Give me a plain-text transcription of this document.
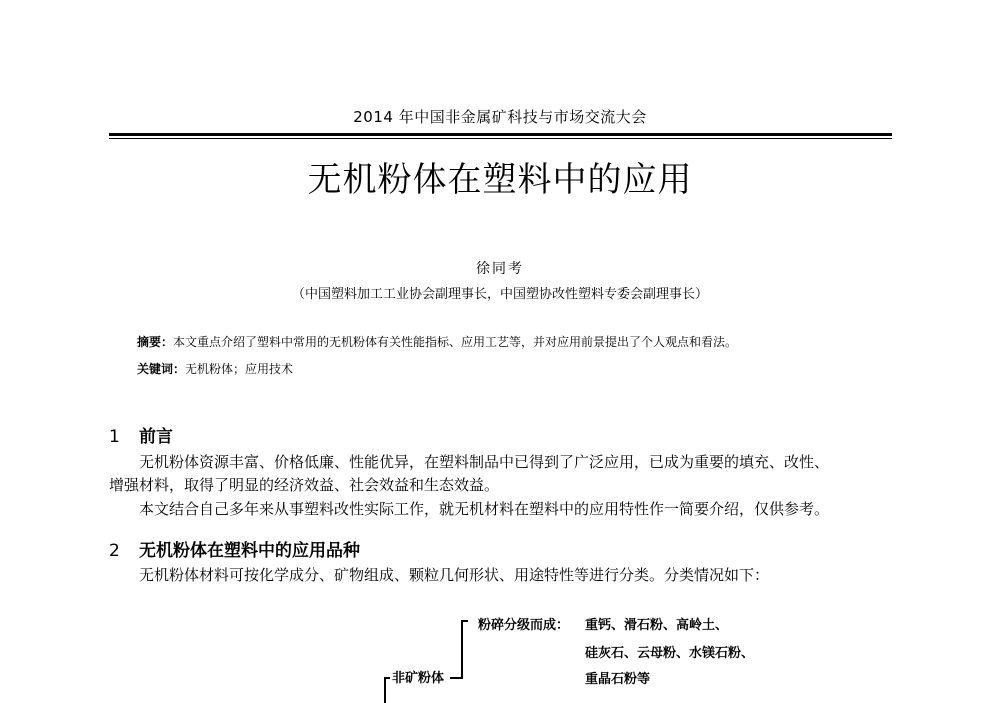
2014 年中国非金属矿科技与市场交流大会
无机粉体在塑料中的应用
徐同考
（中国塑料加工工业协会副理事长，中国塑协改性塑料专委会副理事长）
摘要：本文重点介绍了塑料中常用的无机粉体有关性能指标、应用工艺等，并对应用前景提出了个人观点和看法。
关键词：无机粉体；应用技术
1 前言
无机粉体资源丰富、价格低廉、性能优异，在塑料制品中已得到了广泛应用，已成为重要的填充、改性、
增强材料，取得了明显的经济效益、社会效益和生态效益。
本文结合自己多年来从事塑料改性实际工作，就无机材料在塑料中的应用特性作一简要介绍，仅供参考。
2 无机粉体在塑料中的应用品种
无机粉体材料可按化学成分、矿物组成、颗粒几何形状、用途特性等进行分类。分类情况如下：
粉碎分级而成： 重钙、滑石粉、高岭土、
硅灰石、云母粉、水镁石粉、
重晶石粉等
非矿粉体
